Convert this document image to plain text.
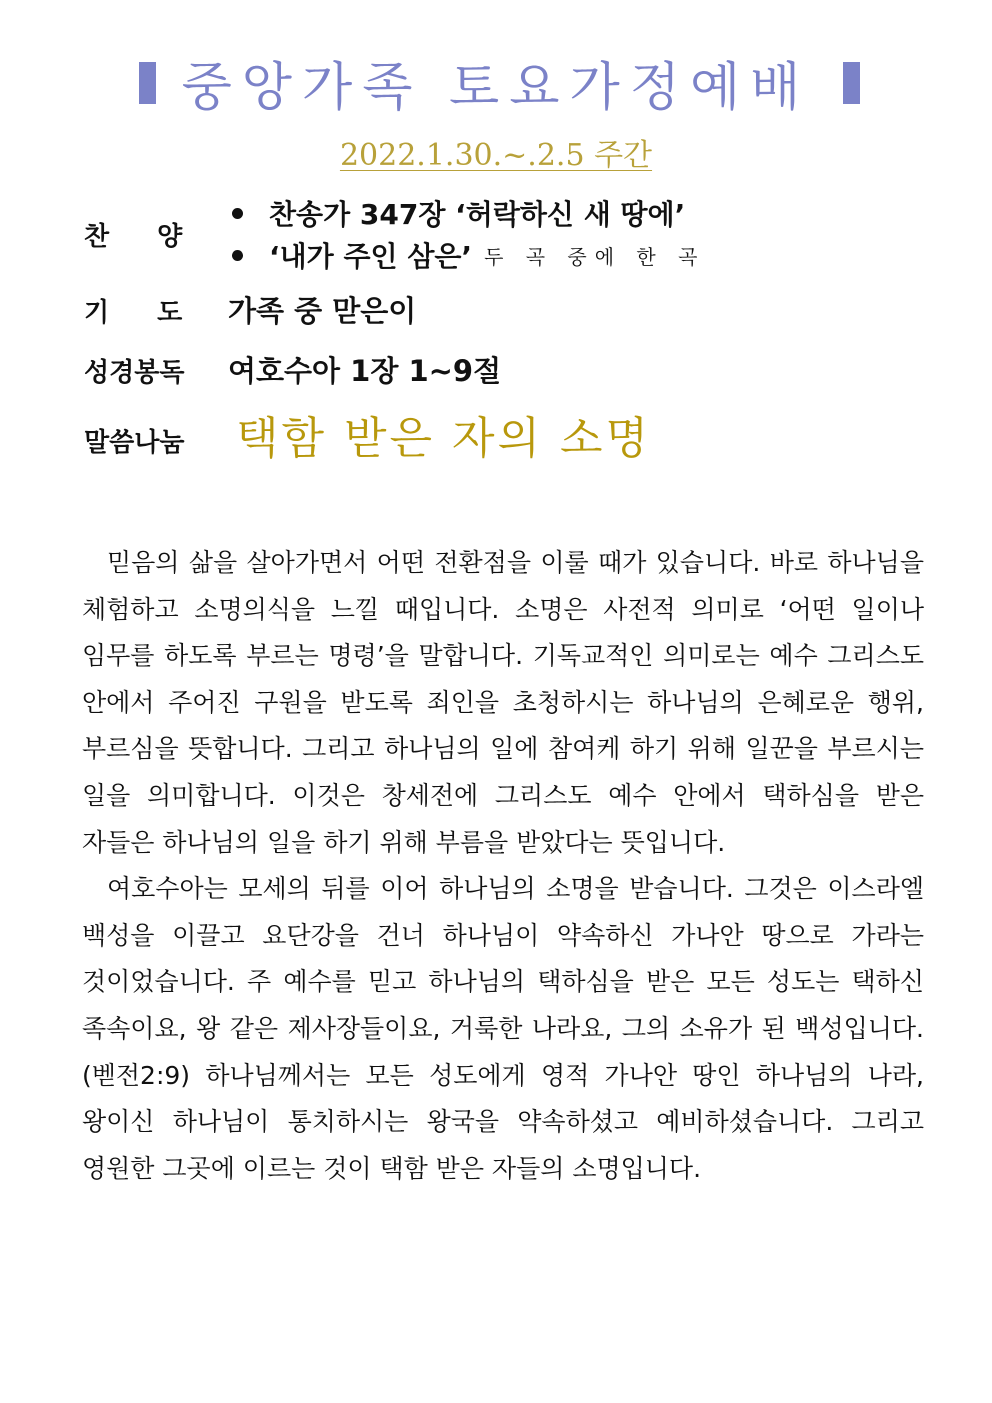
중앙가족 토요가정예배
2022.1.30.~.2.5 주간
찬양
찬송가 347장 ‘허락하신 새 땅에’
‘내가 주인 삼은’ 두 곡 중에 한 곡
기도
가족 중 맏은이
성경봉독 여호수아 1장 1~9절
말씀나눔 택함 받은 자의 소명

믿음의 삶을 살아가면서 어떤 전환점을 이룰 때가 있습니다. 바로 하나님을 체험하고 소명의식을 느낄 때입니다. 소명은 사전적 의미로 ‘어떤 일이나 임무를 하도록 부르는 명령’을 말합니다. 기독교적인 의미로는 예수 그리스도 안에서 주어진 구원을 받도록 죄인을 초청하시는 하나님의 은혜로운 행위, 부르심을 뜻합니다. 그리고 하나님의 일에 참여케 하기 위해 일꾼을 부르시는 일을 의미합니다. 이것은 창세전에 그리스도 예수 안에서 택하심을 받은 자들은 하나님의 일을 하기 위해 부름을 받았다는 뜻입니다.

여호수아는 모세의 뒤를 이어 하나님의 소명을 받습니다. 그것은 이스라엘 백성을 이끌고 요단강을 건너 하나님이 약속하신 가나안 땅으로 가라는 것이었습니다. 주 예수를 믿고 하나님의 택하심을 받은 모든 성도는 택하신 족속이요, 왕 같은 제사장들이요, 거룩한 나라요, 그의 소유가 된 백성입니다.(벧전2:9) 하나님께서는 모든 성도에게 영적 가나안 땅인 하나님의 나라, 왕이신 하나님이 통치하시는 왕국을 약속하셨고 예비하셨습니다. 그리고 영원한 그곳에 이르는 것이 택함 받은 자들의 소명입니다.
